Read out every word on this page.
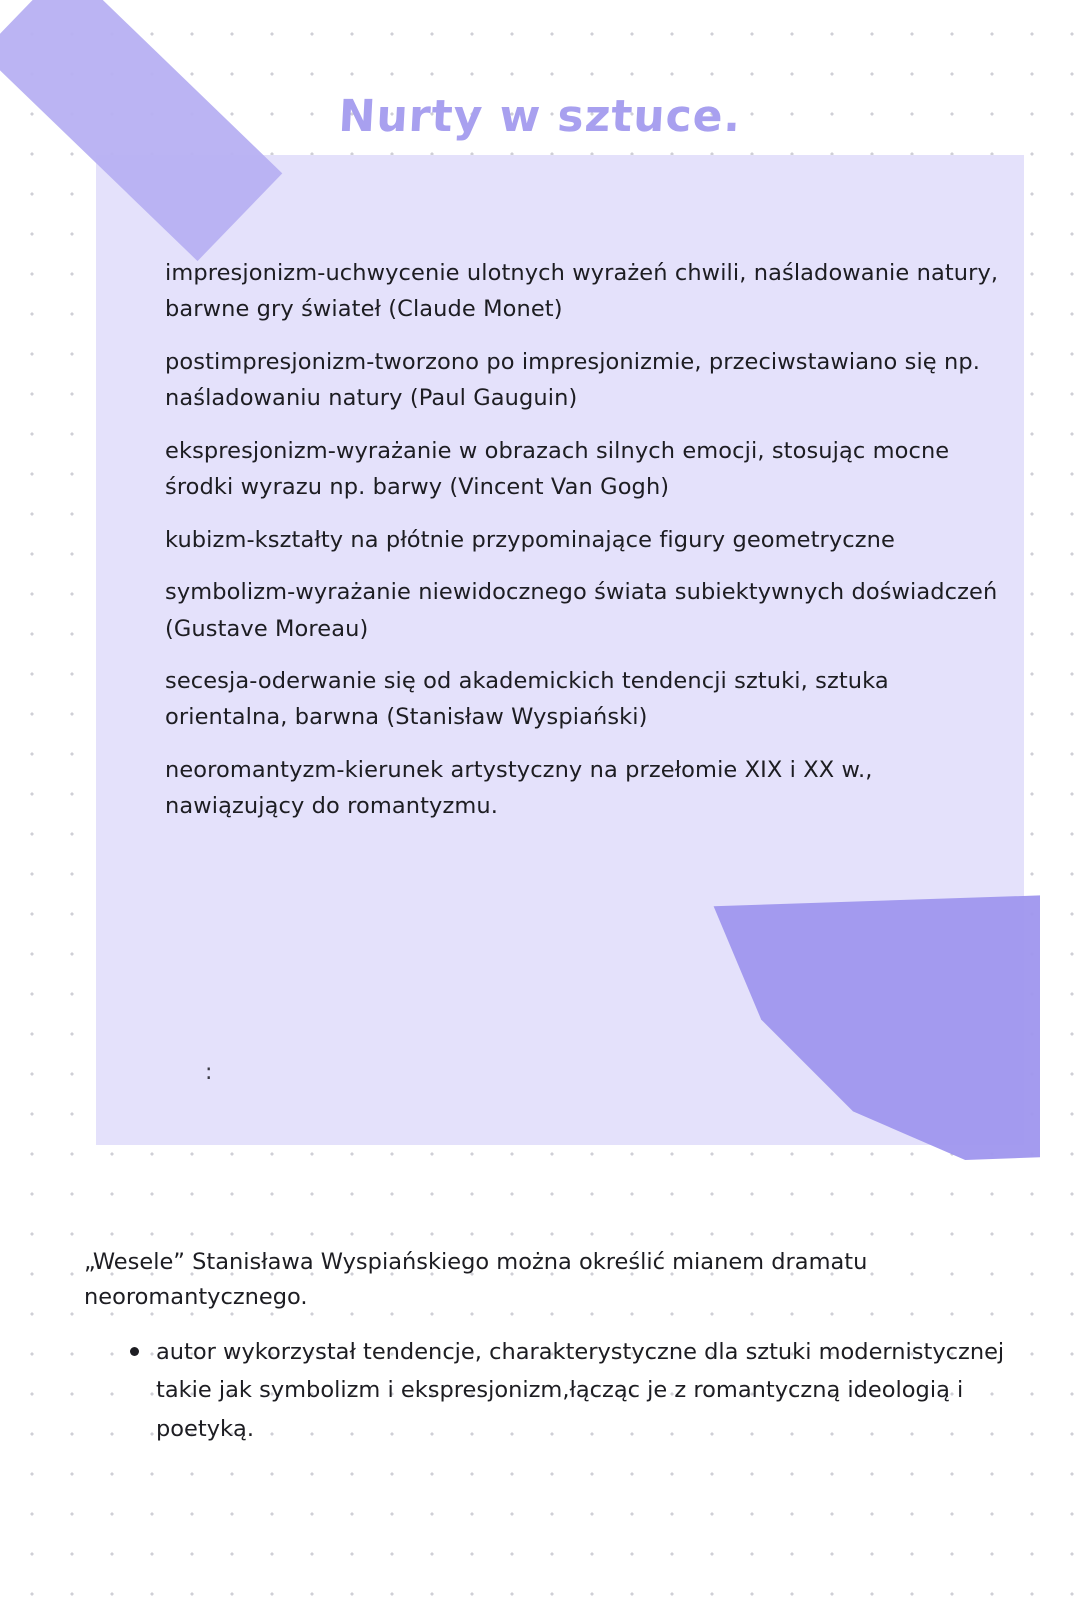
Nurty w sztuce.

impresjonizm-uchwycenie ulotnych wyrażeń chwili, naśladowanie natury, barwne gry świateł (Claude Monet)

postimpresjonizm-tworzono po impresjonizmie, przeciwstawiano się np. naśladowaniu natury (Paul Gauguin)

ekspresjonizm-wyrażanie w obrazach silnych emocji, stosując mocne środki wyrazu np. barwy (Vincent Van Gogh)

kubizm-kształty na płótnie przypominające figury geometryczne

symbolizm-wyrażanie niewidocznego świata subiektywnych doświadczeń (Gustave Moreau)

secesja-oderwanie się od akademickich tendencji sztuki, sztuka orientalna, barwna (Stanisław Wyspiański)

neoromantyzm-kierunek artystyczny na przełomie XIX i XX w., nawiązujący do romantyzmu.

:

„Wesele” Stanisława Wyspiańskiego można określić mianem dramatu neoromantycznego.

autor wykorzystał tendencje, charakterystyczne dla sztuki modernistycznej takie jak symbolizm i ekspresjonizm,łącząc je z romantyczną ideologią i poetyką.
